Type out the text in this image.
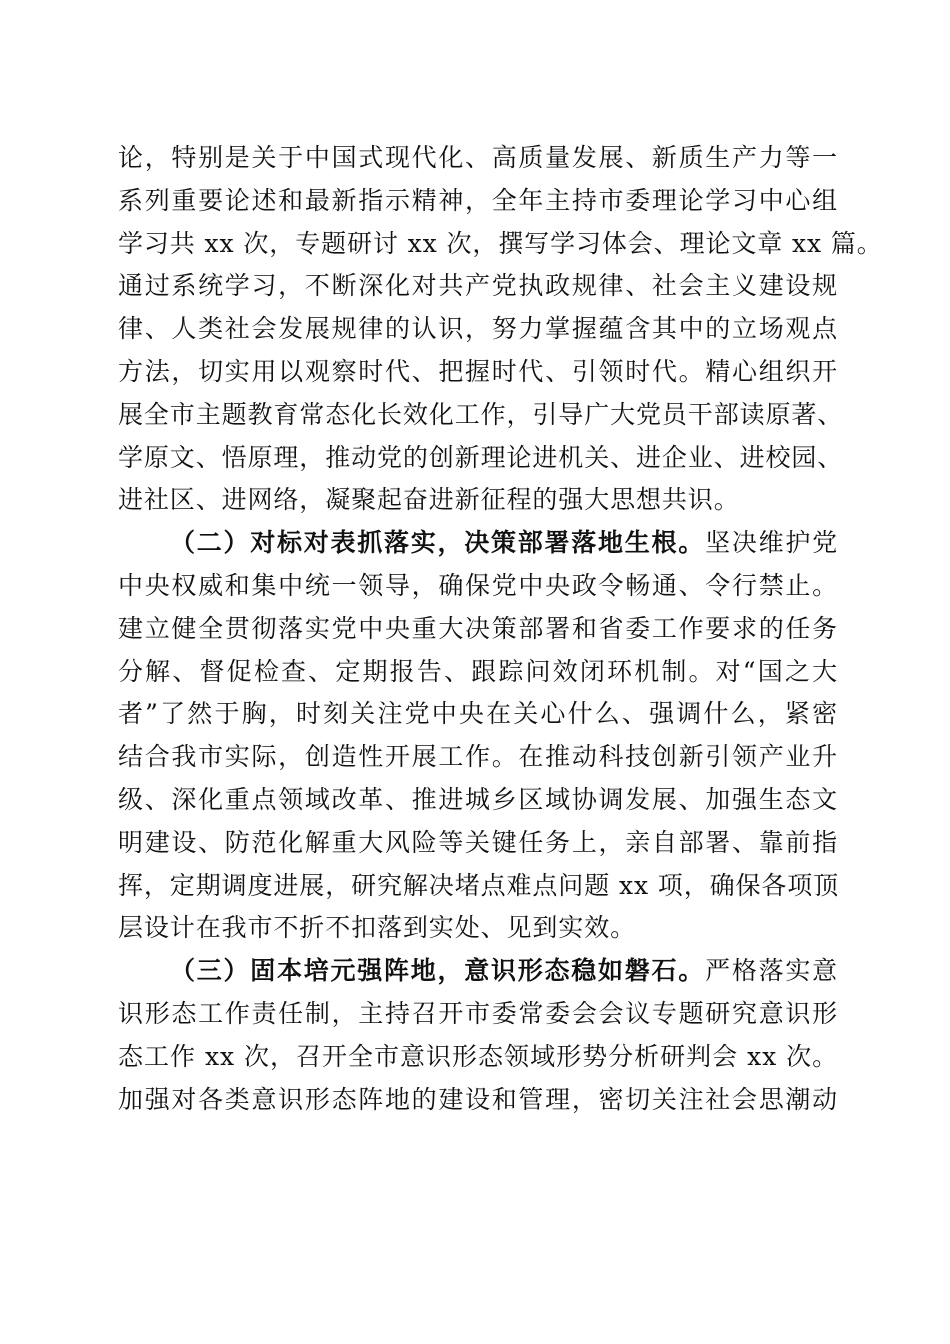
论，特别是关于中国式现代化、高质量发展、新质生产力等一
系列重要论述和最新指示精神，全年主持市委理论学习中心组
学习共 xx 次，专题研讨 xx 次，撰写学习体会、理论文章 xx 篇。
通过系统学习，不断深化对共产党执政规律、社会主义建设规
律、人类社会发展规律的认识，努力掌握蕴含其中的立场观点
方法，切实用以观察时代、把握时代、引领时代。精心组织开
展全市主题教育常态化长效化工作，引导广大党员干部读原著、
学原文、悟原理，推动党的创新理论进机关、进企业、进校园、
进社区、进网络，凝聚起奋进新征程的强大思想共识。
（二）对标对表抓落实，决策部署落地生根。坚决维护党
中央权威和集中统一领导，确保党中央政令畅通、令行禁止。
建立健全贯彻落实党中央重大决策部署和省委工作要求的任务
分解、督促检查、定期报告、跟踪问效闭环机制。对“国之大
者”了然于胸，时刻关注党中央在关心什么、强调什么，紧密
结合我市实际，创造性开展工作。在推动科技创新引领产业升
级、深化重点领域改革、推进城乡区域协调发展、加强生态文
明建设、防范化解重大风险等关键任务上，亲自部署、靠前指
挥，定期调度进展，研究解决堵点难点问题 xx 项，确保各项顶
层设计在我市不折不扣落到实处、见到实效。
（三）固本培元强阵地，意识形态稳如磐石。严格落实意
识形态工作责任制，主持召开市委常委会会议专题研究意识形
态工作 xx 次，召开全市意识形态领域形势分析研判会 xx 次。
加强对各类意识形态阵地的建设和管理，密切关注社会思潮动
